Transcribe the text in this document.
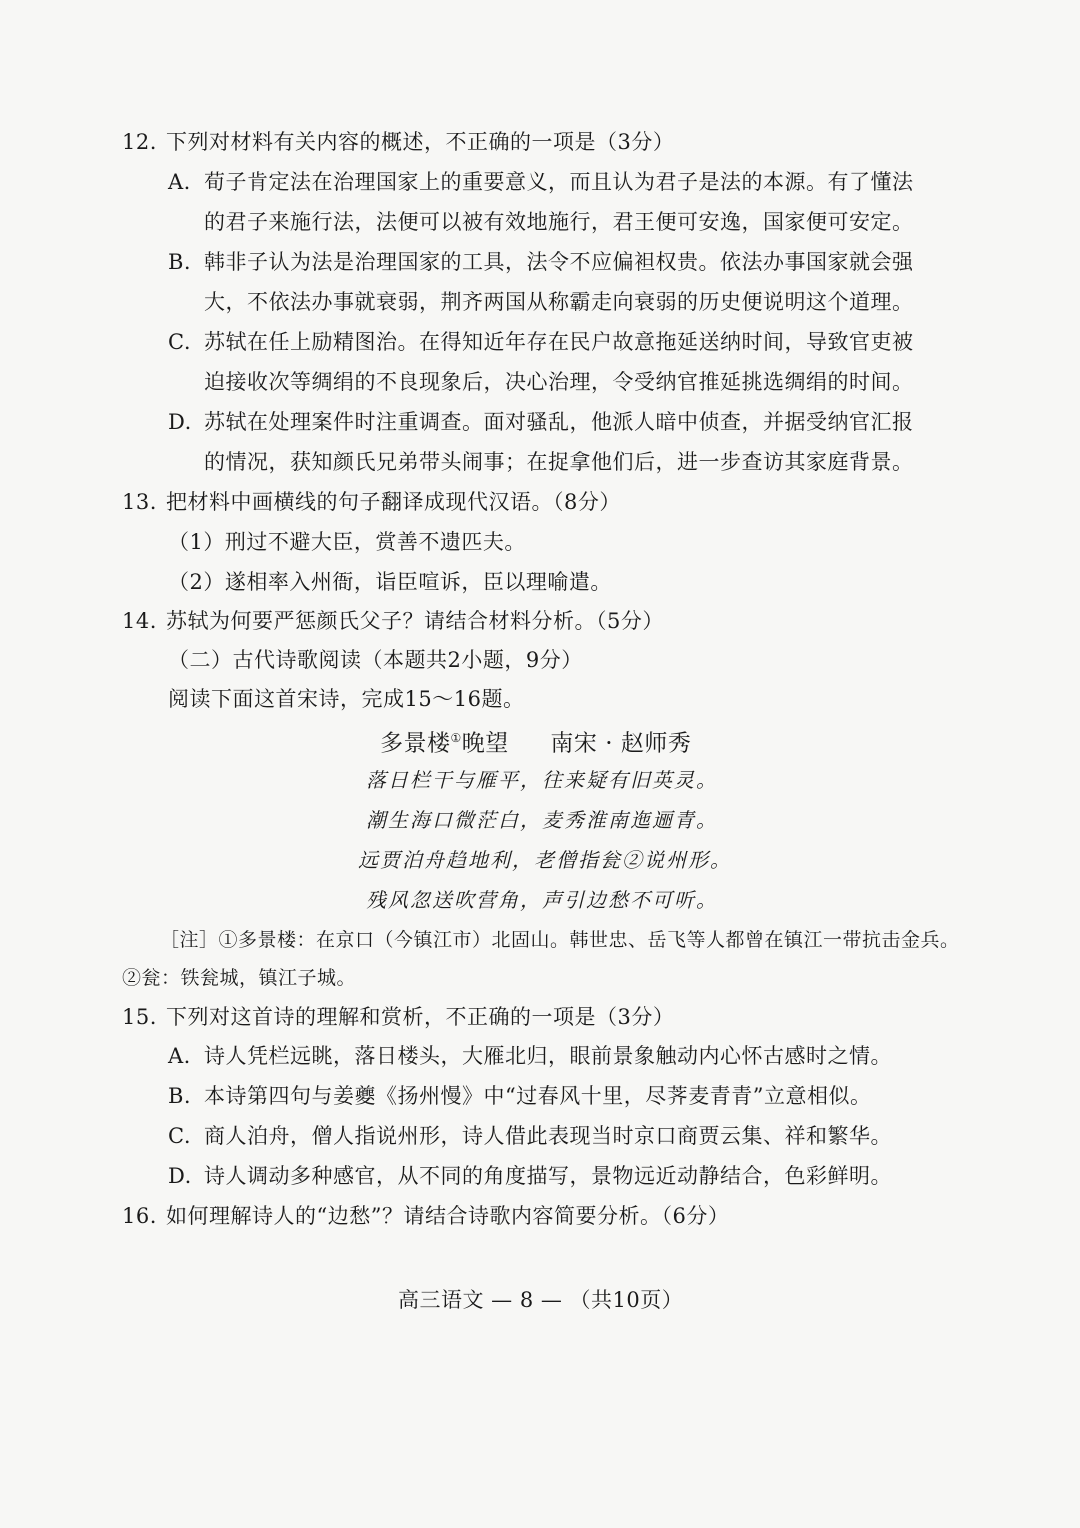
12. 下列对材料有关内容的概述，不正确的一项是（3分）
A. 荀子肯定法在治理国家上的重要意义，而且认为君子是法的本源。有了懂法
的君子来施行法，法便可以被有效地施行，君王便可安逸，国家便可安定。
B. 韩非子认为法是治理国家的工具，法令不应偏袒权贵。依法办事国家就会强
大，不依法办事就衰弱，荆齐两国从称霸走向衰弱的历史便说明这个道理。
C. 苏轼在任上励精图治。在得知近年存在民户故意拖延送纳时间，导致官吏被
迫接收次等绸绢的不良现象后，决心治理，令受纳官推延挑选绸绢的时间。
D. 苏轼在处理案件时注重调查。面对骚乱，他派人暗中侦查，并据受纳官汇报
的情况，获知颜氏兄弟带头闹事；在捉拿他们后，进一步查访其家庭背景。
13. 把材料中画横线的句子翻译成现代汉语。（8分）
（1）刑过不避大臣，赏善不遗匹夫。
（2）遂相率入州衙，诣臣喧诉，臣以理喻遣。
14. 苏轼为何要严惩颜氏父子？请结合材料分析。（5分）
（二）古代诗歌阅读（本题共2小题，9分）
阅读下面这首宋诗，完成15～16题。
多景楼①晚望 南宋 · 赵师秀
落日栏干与雁平，往来疑有旧英灵。
潮生海口微茫白，麦秀淮南迤逦青。
远贾泊舟趋地利，老僧指瓮②说州形。
残风忽送吹营角，声引边愁不可听。
［注］①多景楼：在京口（今镇江市）北固山。韩世忠、岳飞等人都曾在镇江一带抗击金兵。
②瓮：铁瓮城，镇江子城。
15. 下列对这首诗的理解和赏析，不正确的一项是（3分）
A. 诗人凭栏远眺，落日楼头，大雁北归，眼前景象触动内心怀古感时之情。
B. 本诗第四句与姜夔《扬州慢》中“过春风十里，尽荠麦青青”立意相似。
C. 商人泊舟，僧人指说州形，诗人借此表现当时京口商贾云集、祥和繁华。
D. 诗人调动多种感官，从不同的角度描写，景物远近动静结合，色彩鲜明。
16. 如何理解诗人的“边愁”？请结合诗歌内容简要分析。（6分）
高三语文 — 8 — （共10页）
